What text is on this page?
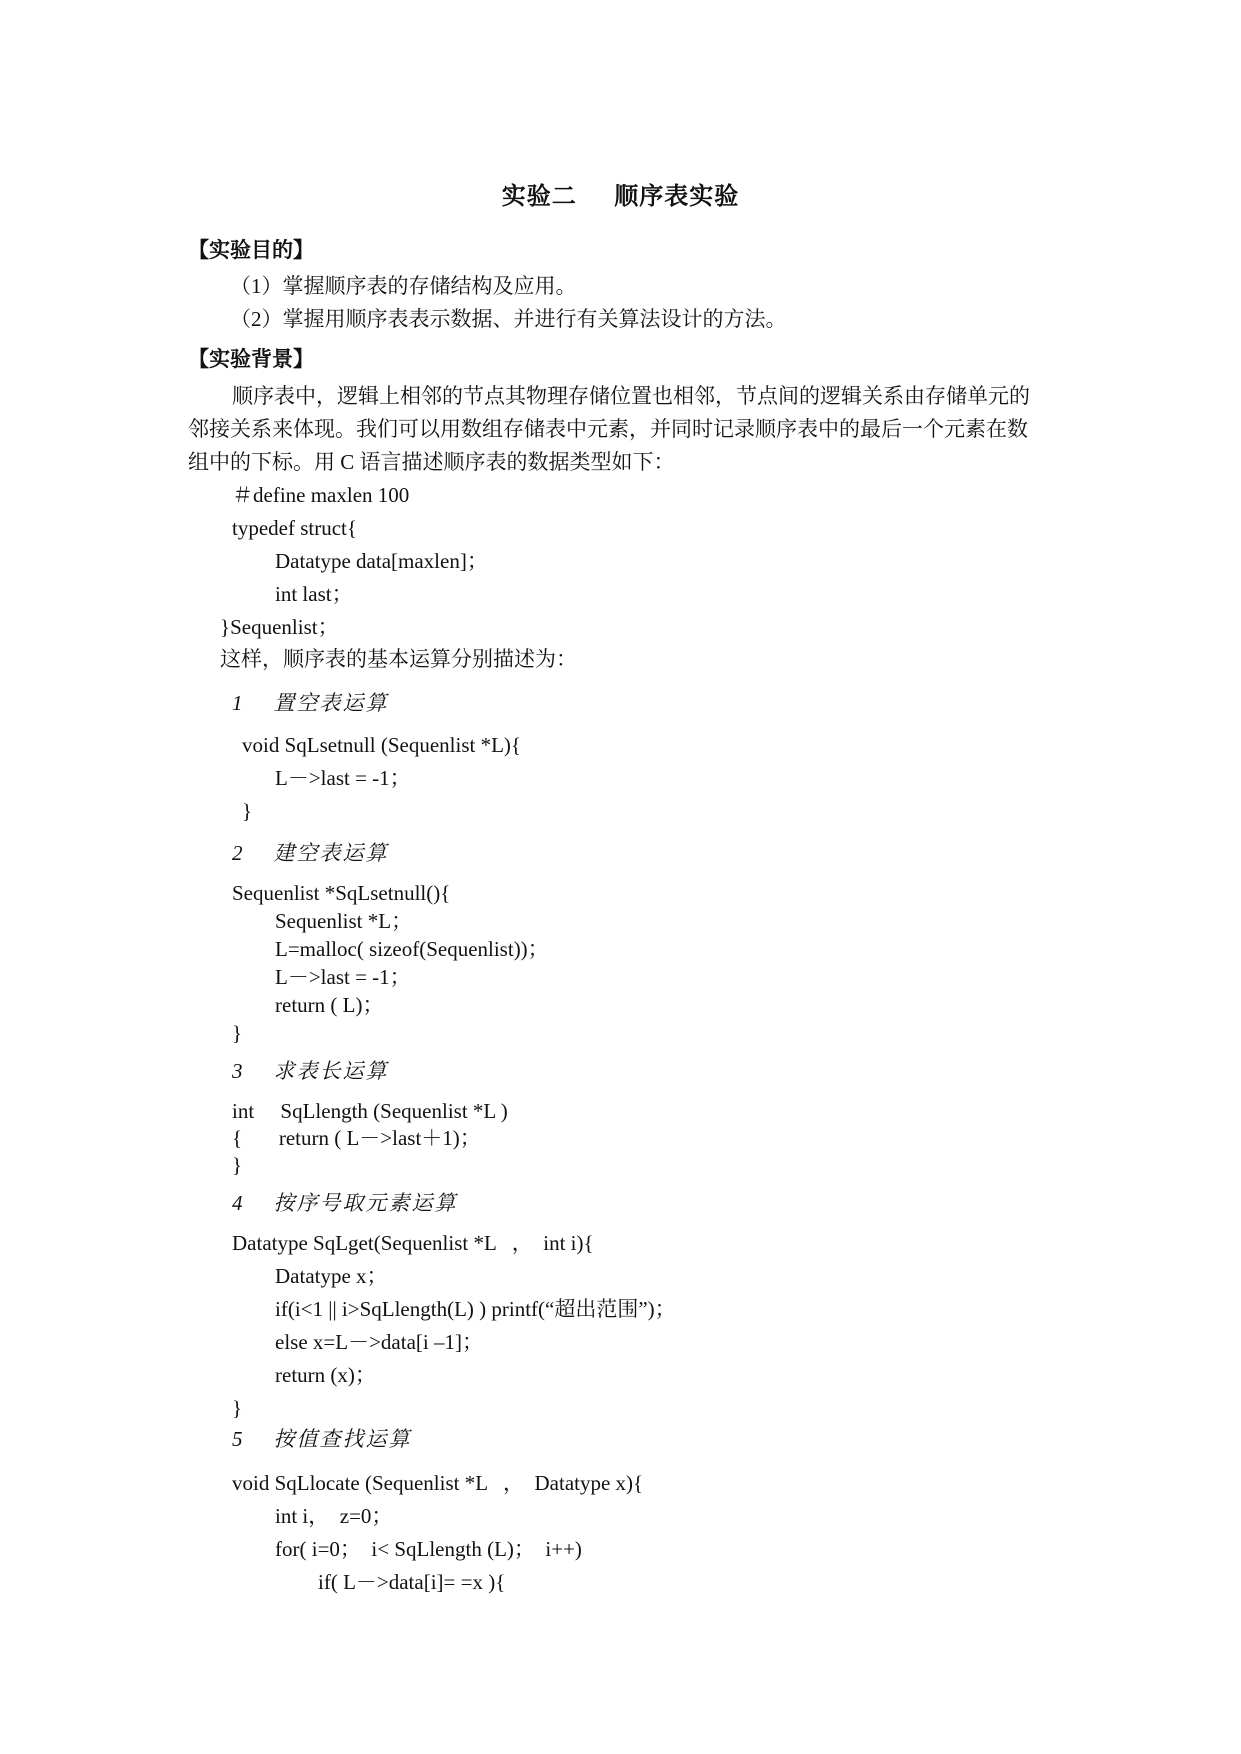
实验二    顺序表实验
【实验目的】
（1）掌握顺序表的存储结构及应用。
（2）掌握用顺序表表示数据、并进行有关算法设计的方法。
【实验背景】
顺序表中，逻辑上相邻的节点其物理存储位置也相邻，节点间的逻辑关系由存储单元的
邻接关系来体现。我们可以用数组存储表中元素，并同时记录顺序表中的最后一个元素在数
组中的下标。用 C 语言描述顺序表的数据类型如下：
＃define maxlen 100
typedef struct{
Datatype data[maxlen]；
int last；
}Sequenlist；
这样，顺序表的基本运算分别描述为：
1    置空表运算
void SqLsetnull (Sequenlist *L){
L－>last = -1；
}
2    建空表运算
Sequenlist *SqLsetnull(){
Sequenlist *L；
L=malloc( sizeof(Sequenlist))；
L－>last = -1；
return ( L)；
}
3    求表长运算
int     SqLlength (Sequenlist *L )
{       return ( L－>last＋1)；
}
4    按序号取元素运算
Datatype SqLget(Sequenlist *L   ，  int i){
Datatype x；
if(i<1 || i>SqLlength(L) ) printf(“超出范围”)；
else x=L－>data[i –1]；
return (x)；
}
5    按值查找运算
void SqLlocate (Sequenlist *L   ，  Datatype x){
int i，  z=0；
for( i=0；  i< SqLlength (L)；  i++)
if( L－>data[i]= =x ){
